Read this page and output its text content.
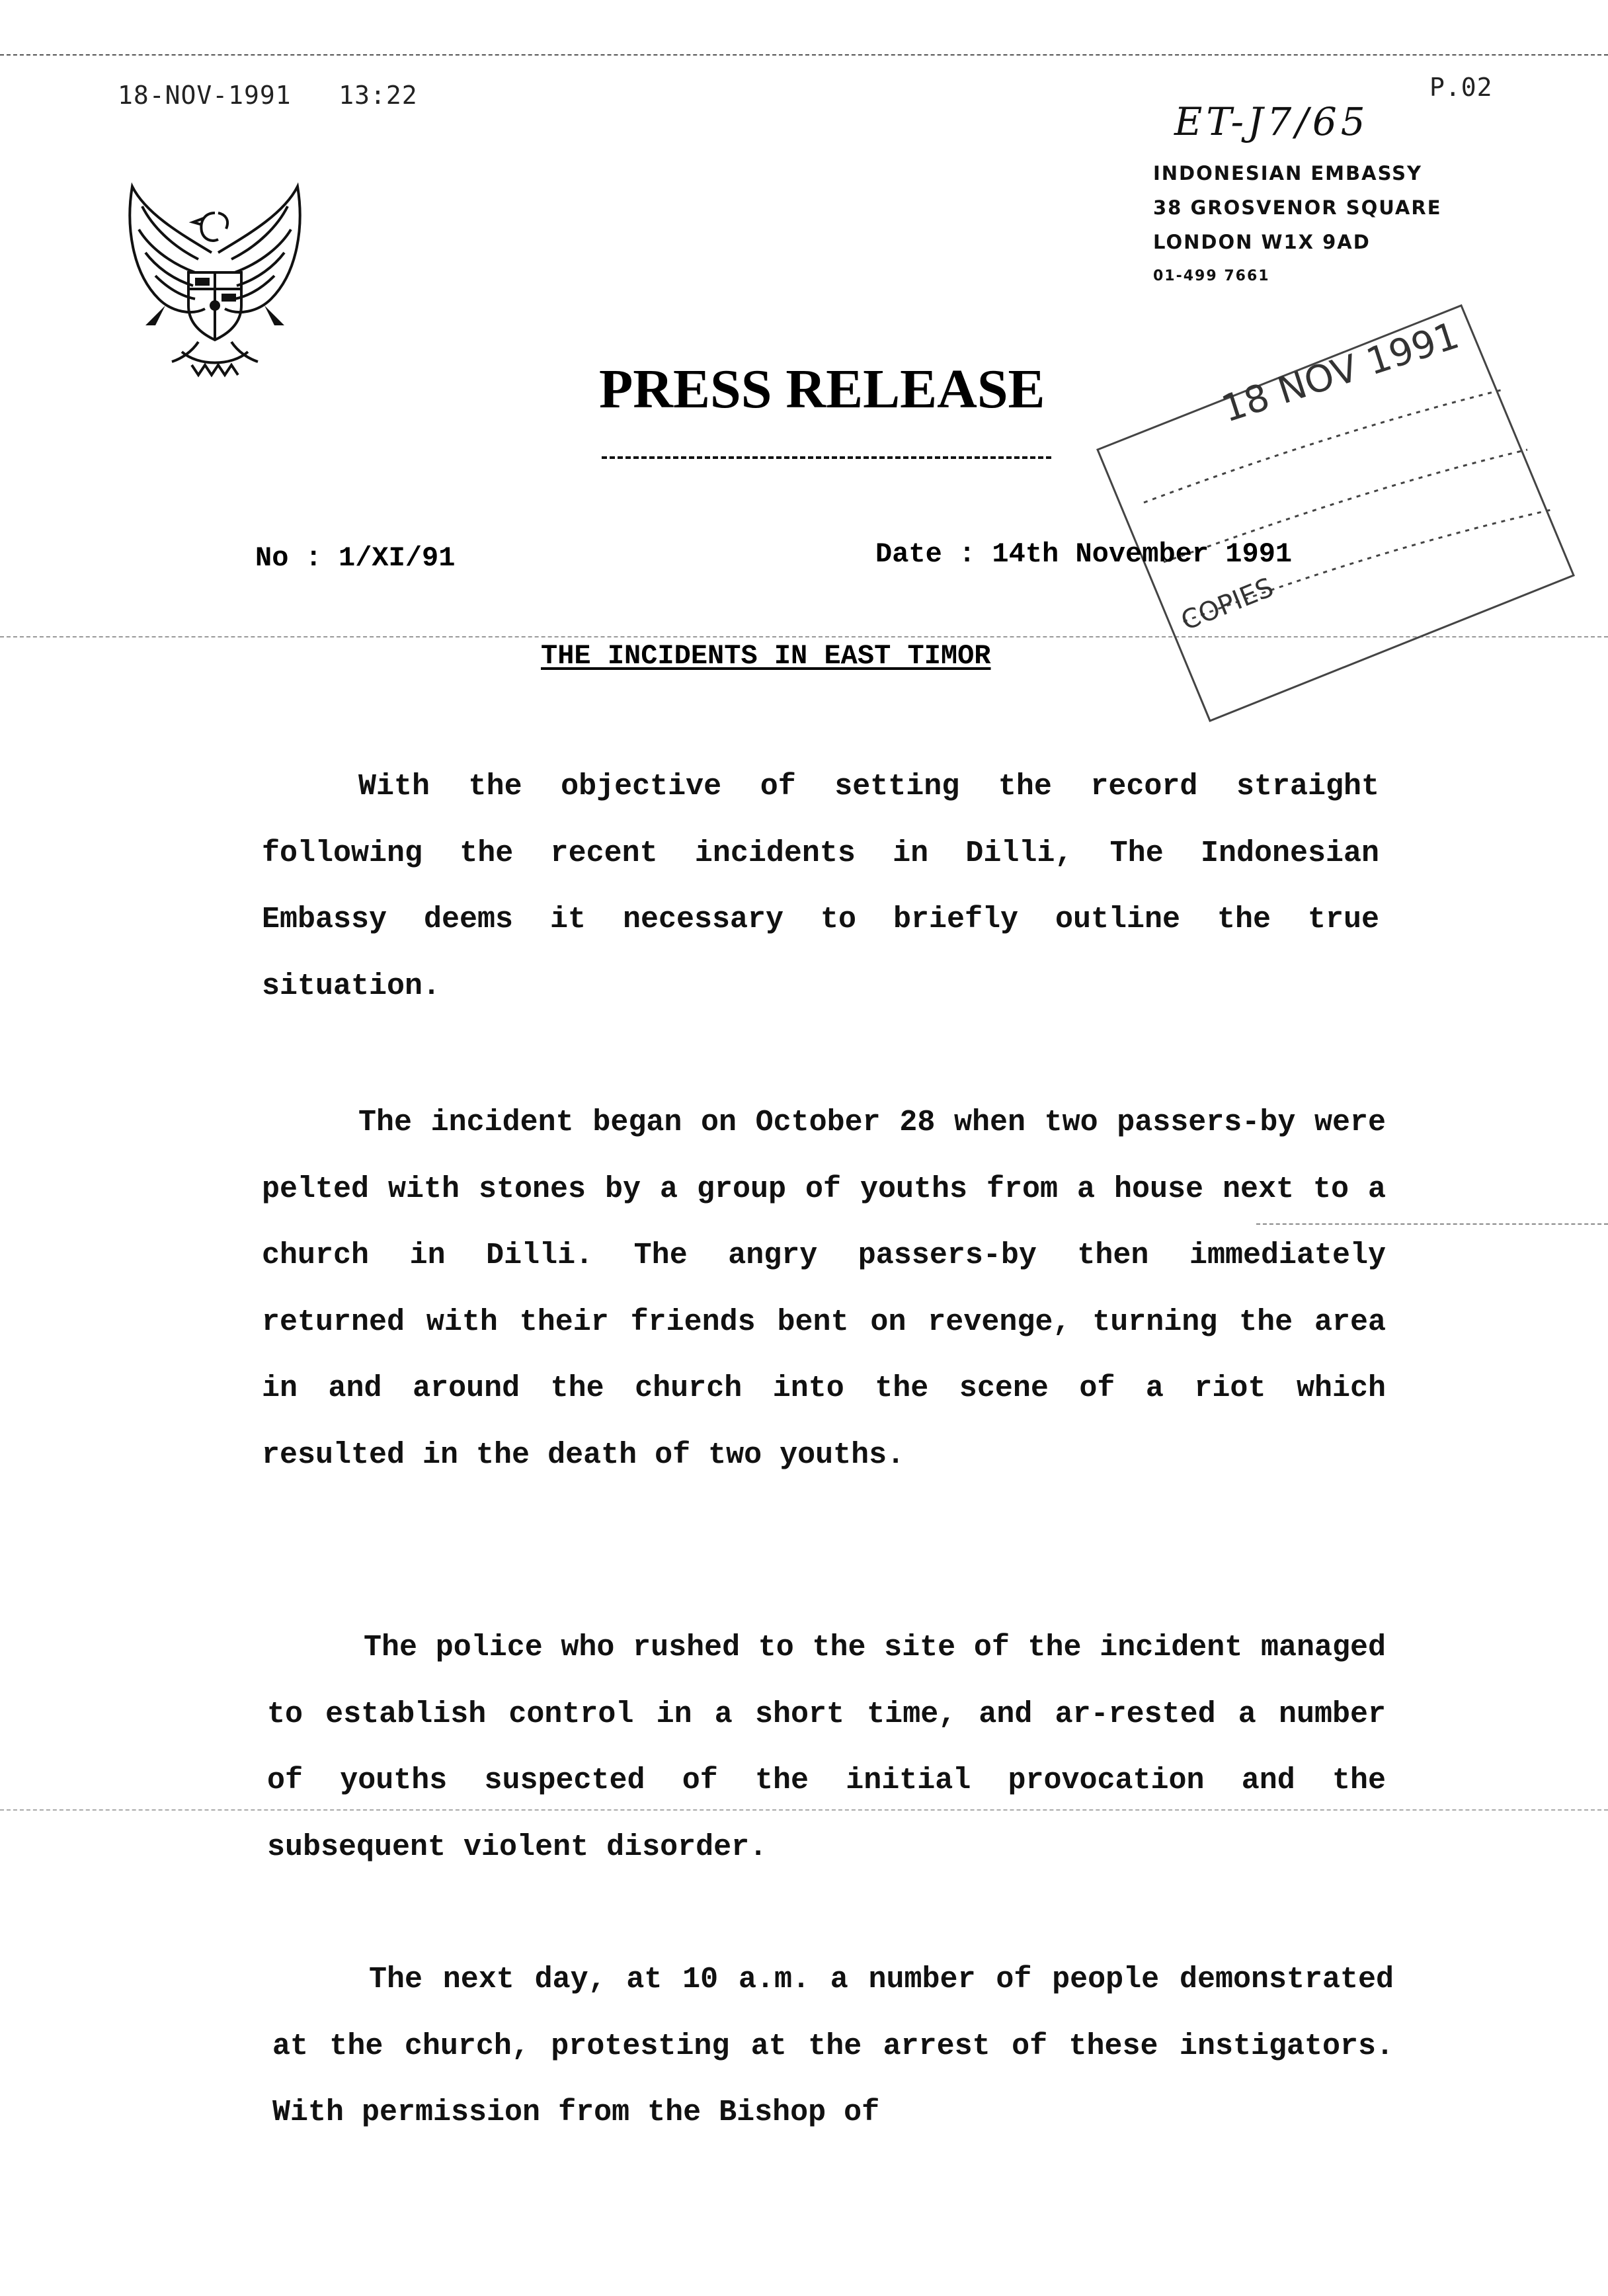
18-NOV-1991   13:22	P.02
ET-J7/65
INDONESIAN EMBASSY
38 GROSVENOR SQUARE
LONDON W1X 9AD
01-499 7661
PRESS RELEASE	18 NOV 1991
COPIES
No : 1/XI/91	Date : 14th November 1991
THE INCIDENTS IN EAST TIMOR

With the objective of setting the record straight following the recent incidents in Dilli, The Indonesian Embassy deems it necessary to briefly outline the true situation.

The incident began on October 28 when two passers-by were pelted with stones by a group of youths from a house next to a church in Dilli. The angry passers-by then immediately returned with their friends bent on revenge, turning the area in and around the church into the scene of a riot which resulted in the death of two youths.

The police who rushed to the site of the incident managed to establish control in a short time, and ar-rested a number of youths suspected of the initial provocation and the subsequent violent disorder.

The next day, at 10 a.m. a number of people demonstrated at the church, protesting at the arrest of these instigators. With permission from the Bishop of
